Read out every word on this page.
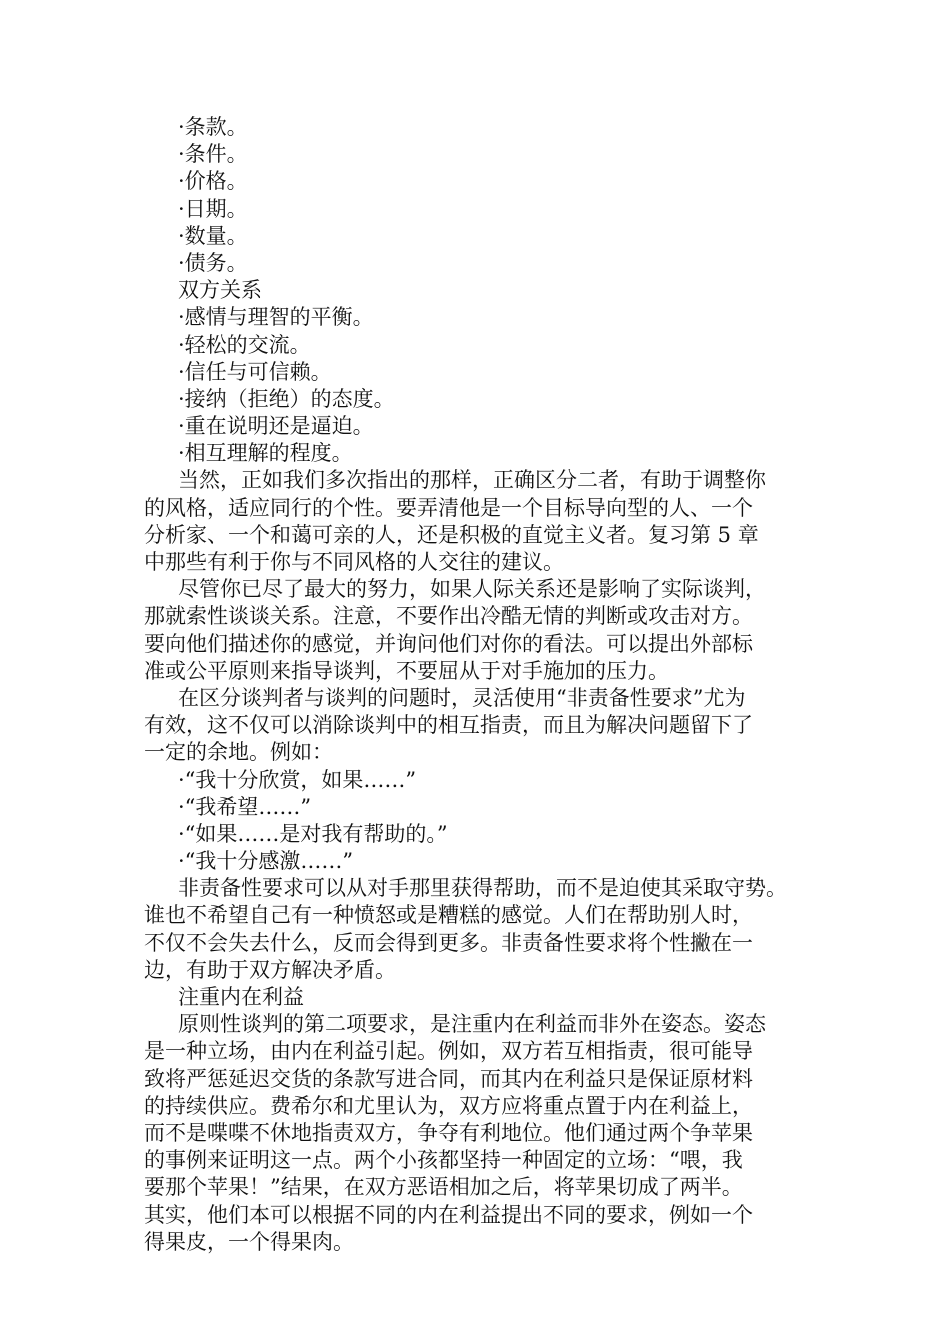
·条款。
·条件。
·价格。
·日期。
·数量。
·债务。
双方关系
·感情与理智的平衡。
·轻松的交流。
·信任与可信赖。
·接纳（拒绝）的态度。
·重在说明还是逼迫。
·相互理解的程度。
当然，正如我们多次指出的那样，正确区分二者，有助于调整你
的风格，适应同行的个性。要弄清他是一个目标导向型的人、一个
分析家、一个和蔼可亲的人，还是积极的直觉主义者。复习第 5 章
中那些有利于你与不同风格的人交往的建议。
尽管你已尽了最大的努力，如果人际关系还是影响了实际谈判，
那就索性谈谈关系。注意，不要作出冷酷无情的判断或攻击对方。
要向他们描述你的感觉，并询问他们对你的看法。可以提出外部标
准或公平原则来指导谈判，不要屈从于对手施加的压力。
在区分谈判者与谈判的问题时，灵活使用“非责备性要求”尤为
有效，这不仅可以消除谈判中的相互指责，而且为解决问题留下了
一定的余地。例如：
·“我十分欣赏，如果……”
·“我希望……”
·“如果……是对我有帮助的。”
·“我十分感激……”
非责备性要求可以从对手那里获得帮助，而不是迫使其采取守势。
谁也不希望自己有一种愤怒或是糟糕的感觉。人们在帮助别人时，
不仅不会失去什么，反而会得到更多。非责备性要求将个性撇在一
边，有助于双方解决矛盾。
注重内在利益
原则性谈判的第二项要求，是注重内在利益而非外在姿态。姿态
是一种立场，由内在利益引起。例如，双方若互相指责，很可能导
致将严惩延迟交货的条款写进合同，而其内在利益只是保证原材料
的持续供应。费希尔和尤里认为，双方应将重点置于内在利益上，
而不是喋喋不休地指责双方，争夺有利地位。他们通过两个争苹果
的事例来证明这一点。两个小孩都坚持一种固定的立场：“喂，我
要那个苹果！”结果，在双方恶语相加之后，将苹果切成了两半。
其实，他们本可以根据不同的内在利益提出不同的要求，例如一个
得果皮，一个得果肉。
